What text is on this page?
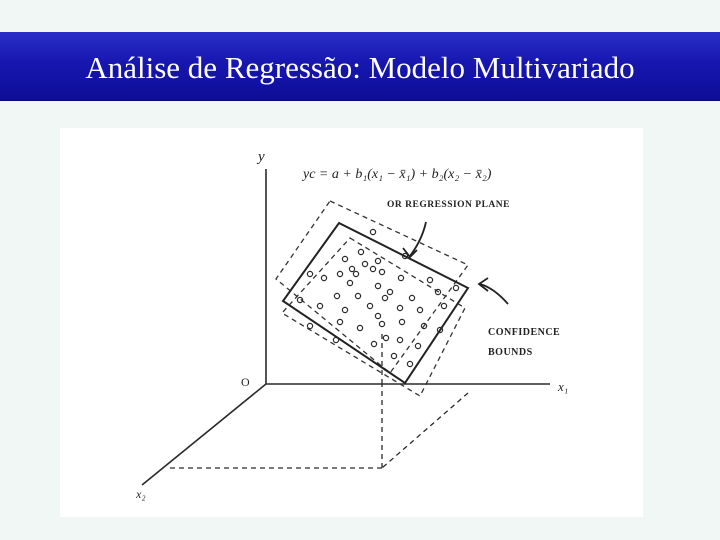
Análise de Regressão: Modelo Multivariado
y
O	x₁
x₂
yc = a + b₁(x₁ − x̄₁) + b₂(x₂ − x̄₂)
OR REGRESSION PLANE
CONFIDENCE
BOUNDS
